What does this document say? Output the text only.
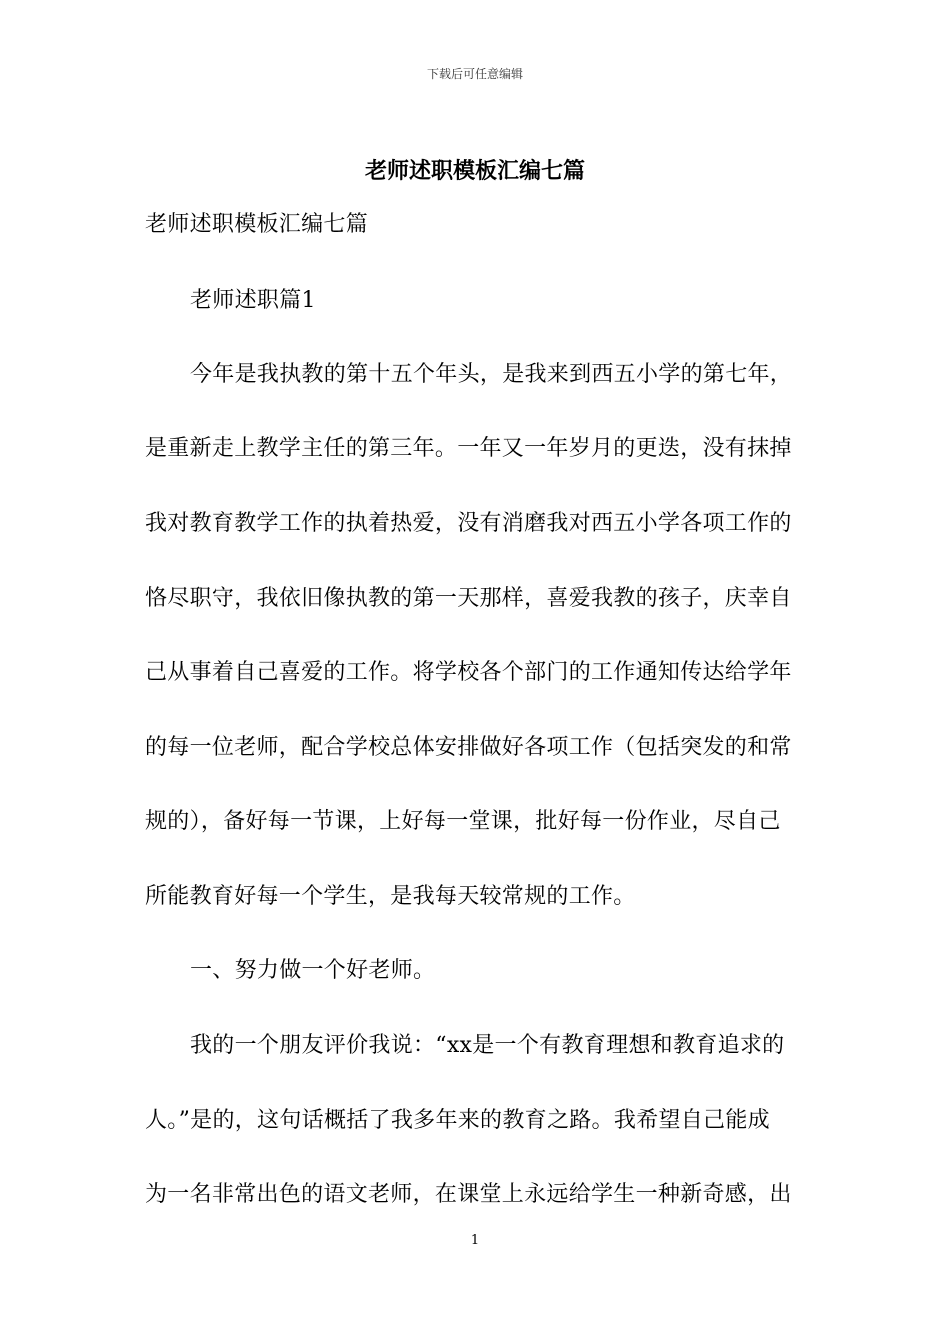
下载后可任意编辑
老师述职模板汇编七篇
老师述职模板汇编七篇
老师述职篇1
今年是我执教的第十五个年头，是我来到西五小学的第七年，
是重新走上教学主任的第三年。一年又一年岁月的更迭，没有抹掉
我对教育教学工作的执着热爱，没有消磨我对西五小学各项工作的
恪尽职守，我依旧像执教的第一天那样，喜爱我教的孩子，庆幸自
己从事着自己喜爱的工作。将学校各个部门的工作通知传达给学年
的每一位老师，配合学校总体安排做好各项工作（包括突发的和常
规的），备好每一节课，上好每一堂课，批好每一份作业，尽自己
所能教育好每一个学生，是我每天较常规的工作。
一、努力做一个好老师。
我的一个朋友评价我说：“xx是一个有教育理想和教育追求的
人。”是的，这句话概括了我多年来的教育之路。我希望自己能成
为一名非常出色的语文老师，在课堂上永远给学生一种新奇感，出
1
